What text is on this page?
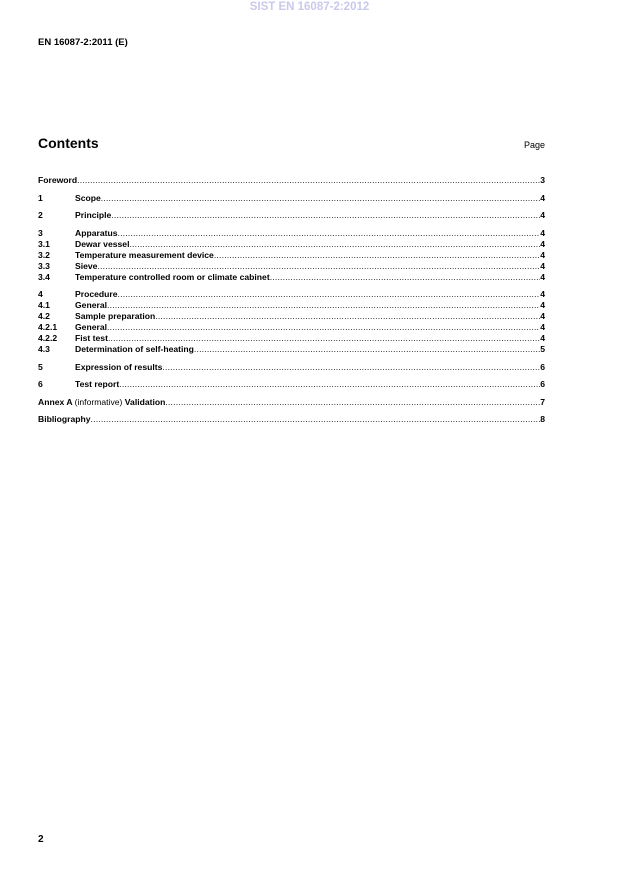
SIST EN 16087-2:2012
EN 16087-2:2011 (E)
Contents	Page
Foreword .....	3
1	Scope .....	4
2	Principle .....	4
3	Apparatus .....	4
3.1	Dewar vessel .....	4
3.2	Temperature measurement device .....	4
3.3	Sieve .....	4
3.4	Temperature controlled room or climate cabinet .....	4
4	Procedure .....	4
4.1	General .....	4
4.2	Sample preparation .....	4
4.2.1	General .....	4
4.2.2	Fist test .....	4
4.3	Determination of self-heating .....	5
5	Expression of results .....	6
6	Test report .....	6
Annex A (informative) Validation .....	7
Bibliography .....	8
2
